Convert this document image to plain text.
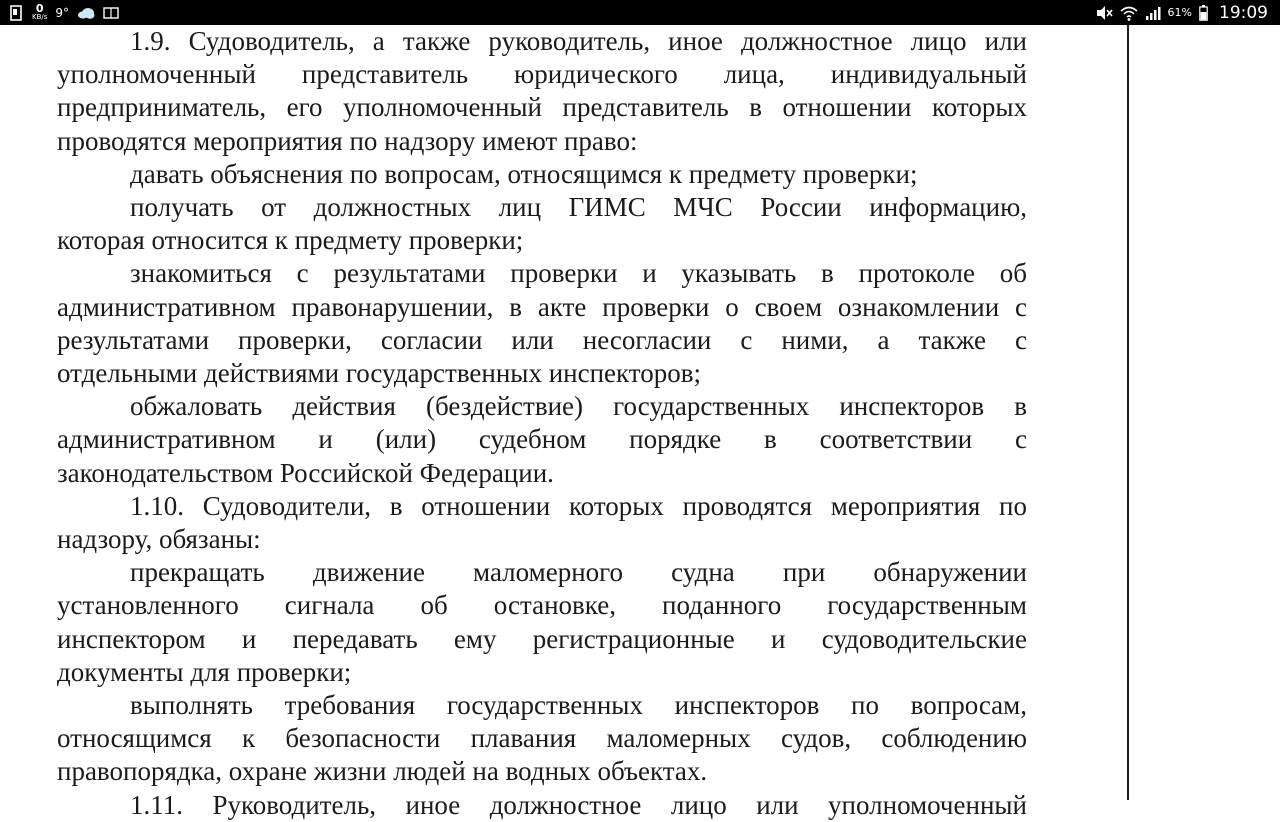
0
KB/s 9°	61% 19:09
1.9. Судоводитель, а также руководитель, иное должностное лицо или
уполномоченный представитель юридического лица, индивидуальный
предприниматель, его уполномоченный представитель в отношении которых
проводятся мероприятия по надзору имеют право:
давать объяснения по вопросам, относящимся к предмету проверки;
получать от должностных лиц ГИМС МЧС России информацию,
которая относится к предмету проверки;
знакомиться с результатами проверки и указывать в протоколе об
административном правонарушении, в акте проверки о своем ознакомлении с
результатами проверки, согласии или несогласии с ними, а также с
отдельными действиями государственных инспекторов;
обжаловать действия (бездействие) государственных инспекторов в
административном и (или) судебном порядке в соответствии с
законодательством Российской Федерации.
1.10. Судоводители, в отношении которых проводятся мероприятия по
надзору, обязаны:
прекращать движение маломерного судна при обнаружении
установленного сигнала об остановке, поданного государственным
инспектором и передавать ему регистрационные и судоводительские
документы для проверки;
выполнять требования государственных инспекторов по вопросам,
относящимся к безопасности плавания маломерных судов, соблюдению
правопорядка, охране жизни людей на водных объектах.
1.11. Руководитель, иное должностное лицо или уполномоченный
